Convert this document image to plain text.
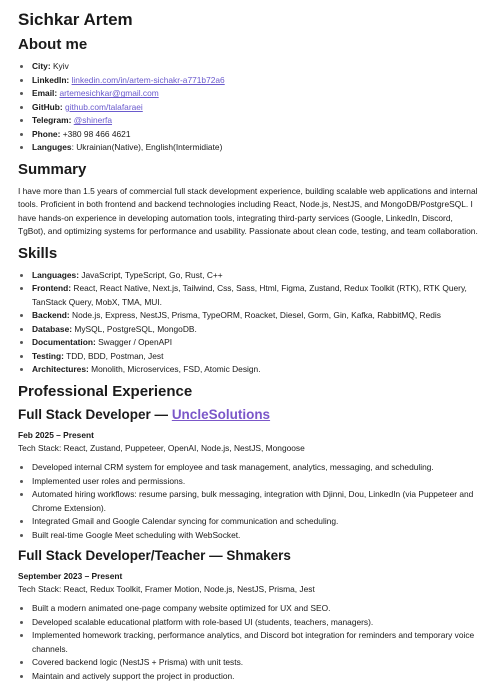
Sichkar Artem
About me
• City: Kyiv
• LinkedIn: linkedin.com/in/artem-sichakr-a771b72a6
• Email: artemesichkar@gmail.com
• GitHub: github.com/talafaraei
• Telegram: @shinerfa
• Phone: +380 98 466 4621
• Languges: Ukrainian(Native), English(Intermidiate)
Summary

I have more than 1.5 years of commercial full stack development experience, building scalable web applications and internal tools. Proficient in both frontend and backend technologies including React, Node.js, NestJS, and MongoDB/PostgreSQL. I have hands-on experience in developing automation tools, integrating third-party services (Google, LinkedIn, Discord, TgBot), and optimizing systems for performance and usability. Passionate about clean code, testing, and team collaboration.

Skills
• Languages: JavaScript, TypeScript, Go, Rust, C++
• Frontend: React, React Native, Next.js, Tailwind, Css, Sass, Html, Figma, Zustand, Redux Toolkit (RTK), RTK Query, TanStack Query, MobX, TMA, MUI.
• Backend: Node.js, Express, NestJS, Prisma, TypeORM, Roacket, Diesel, Gorm, Gin, Kafka, RabbitMQ, Redis
• Database: MySQL, PostgreSQL, MongoDB.
• Documentation: Swagger / OpenAPI
• Testing: TDD, BDD, Postman, Jest
• Architectures: Monolith, Microservices, FSD, Atomic Design.
Professional Experience
Full Stack Developer — UncleSolutions
Feb 2025 – Present
Tech Stack: React, Zustand, Puppeteer, OpenAI, Node.js, NestJS, Mongoose
• Developed internal CRM system for employee and task management, analytics, messaging, and scheduling.
• Implemented user roles and permissions.
• Automated hiring workflows: resume parsing, bulk messaging, integration with Djinni, Dou, LinkedIn (via Puppeteer and Chrome Extension).
• Integrated Gmail and Google Calendar syncing for communication and scheduling.
• Built real-time Google Meet scheduling with WebSocket.
Full Stack Developer/Teacher — Shmakers
September 2023 – Present
Tech Stack: React, Redux Toolkit, Framer Motion, Node.js, NestJS, Prisma, Jest
• Built a modern animated one-page company website optimized for UX and SEO.
• Developed scalable educational platform with role-based UI (students, teachers, managers).
• Implemented homework tracking, performance analytics, and Discord bot integration for reminders and temporary voice channels.
• Covered backend logic (NestJS + Prisma) with unit tests.
• Maintain and actively support the project in production.
